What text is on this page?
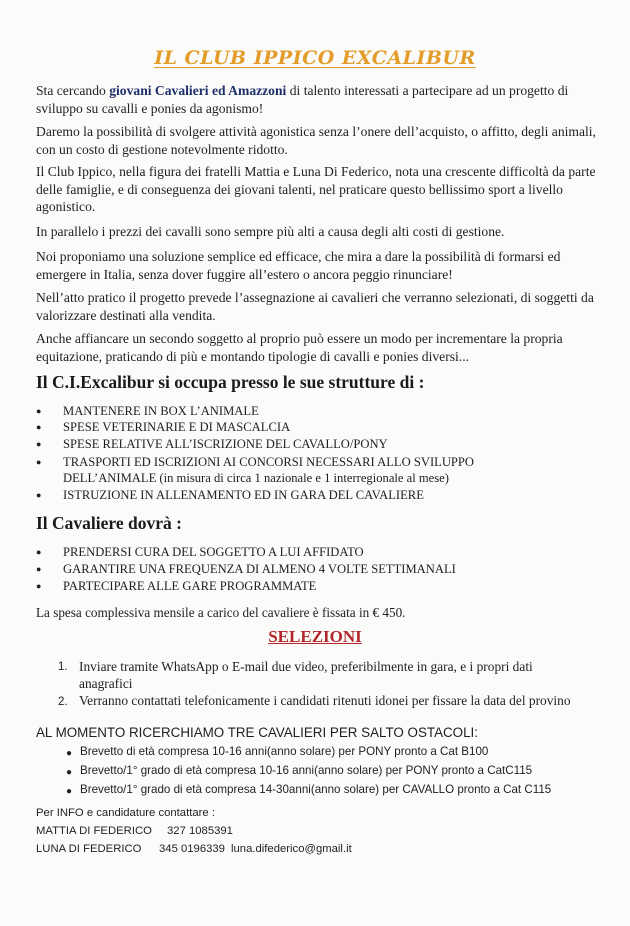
IL CLUB IPPICO EXCALIBUR
Sta cercando giovani Cavalieri ed Amazzoni di talento interessati a partecipare ad un progetto di sviluppo su cavalli e ponies da agonismo!
Daremo la possibilità di svolgere attività agonistica senza l’onere dell’acquisto, o affitto, degli animali, con un costo di gestione notevolmente ridotto.
Il Club Ippico, nella figura dei fratelli Mattia e Luna Di Federico, nota una crescente difficoltà da parte delle famiglie, e di conseguenza dei giovani talenti, nel praticare questo bellissimo sport a livello agonistico.
In parallelo i prezzi dei cavalli sono sempre più alti a causa degli alti costi di gestione.
Noi proponiamo una soluzione semplice ed efficace, che mira a dare la possibilità di formarsi ed emergere in Italia, senza dover fuggire all’estero o ancora peggio rinunciare!
Nell’atto pratico il progetto prevede l’assegnazione ai cavalieri che verranno selezionati, di soggetti da valorizzare destinati alla vendita.
Anche affiancare un secondo soggetto al proprio può essere un modo per incrementare la propria equitazione, praticando di più e montando tipologie di cavalli e ponies diversi...
Il C.I.Excalibur si occupa presso le sue strutture di :
● MANTENERE IN BOX L’ANIMALE
● SPESE VETERINARIE E DI MASCALCIA
● SPESE RELATIVE ALL’ISCRIZIONE DEL CAVALLO/PONY
● TRASPORTI ED ISCRIZIONI AI CONCORSI NECESSARI ALLO SVILUPPO
DELL’ANIMALE (in misura di circa 1 nazionale e 1 interregionale al mese)
● ISTRUZIONE IN ALLENAMENTO ED IN GARA DEL CAVALIERE
Il Cavaliere dovrà :
● PRENDERSI CURA DEL SOGGETTO A LUI AFFIDATO
● GARANTIRE UNA FREQUENZA DI ALMENO 4 VOLTE SETTIMANALI
● PARTECIPARE ALLE GARE PROGRAMMATE
La spesa complessiva mensile a carico del cavaliere è fissata in € 450.
SELEZIONI
1. Inviare tramite WhatsApp o E-mail due video, preferibilmente in gara, e i propri dati anagrafici
2. Verranno contattati telefonicamente i candidati ritenuti idonei per fissare la data del provino
AL MOMENTO RICERCHIAMO TRE CAVALIERI PER SALTO OSTACOLI:
● Brevetto di età compresa 10-16 anni(anno solare) per PONY pronto a Cat B100
● Brevetto/1° grado di età compresa 10-16 anni(anno solare) per PONY pronto a CatC115
● Brevetto/1° grado di età compresa 14-30anni(anno solare) per CAVALLO pronto a Cat C115
Per INFO e candidature contattare :
MATTIA DI FEDERICO 327 1085391
LUNA DI FEDERICO 345 0196339 luna.difederico@gmail.it
